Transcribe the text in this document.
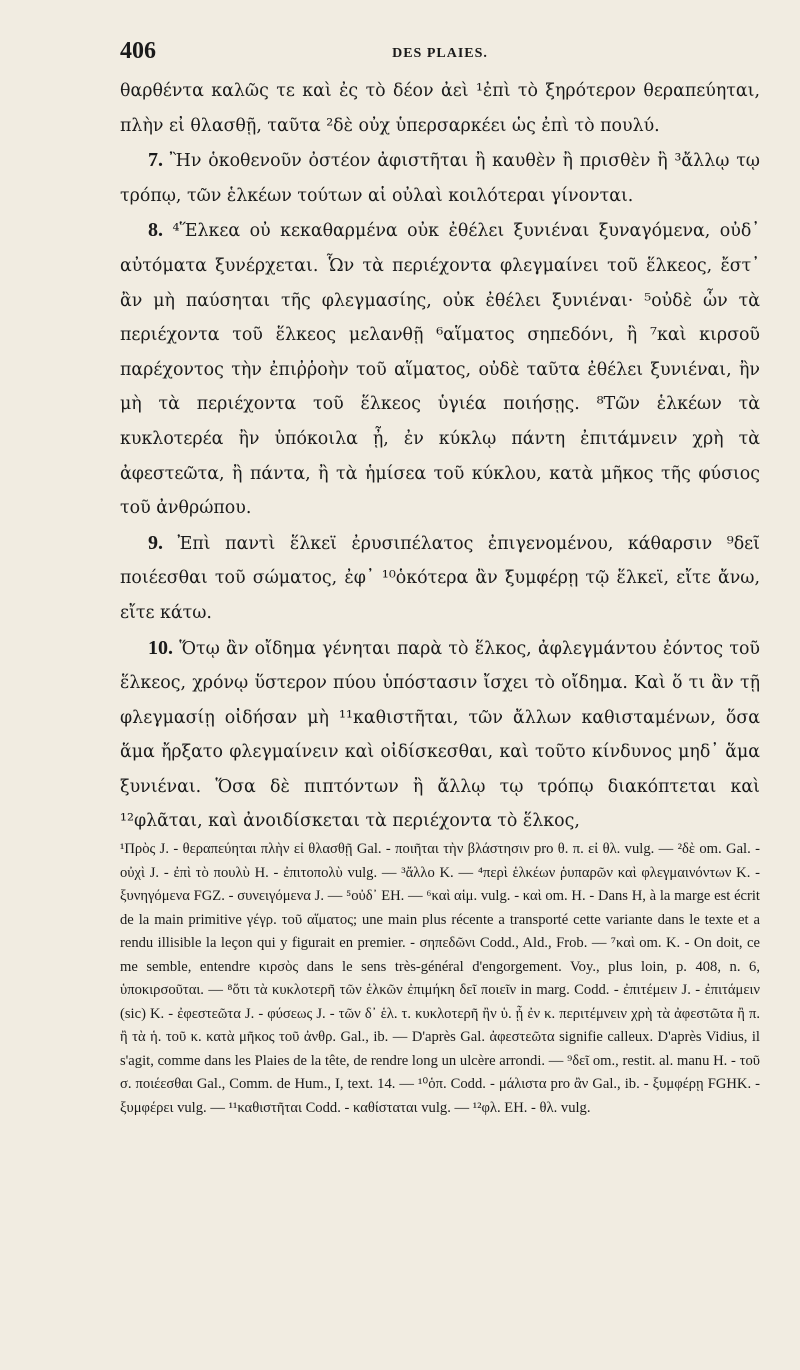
406	DES PLAIES.

θαρθέντα καλῶς τε καὶ ἐς τὸ δέον ἀεὶ ¹ἐπὶ τὸ ξηρότερον θεραπεύηται, πλὴν εἰ θλασθῇ, ταῦτα ²δὲ οὐχ ὑπερσαρκέει ὡς ἐπὶ τὸ πουλύ.

7. Ἢν ὁκοθενοῦν ὀστέον ἀφιστῆται ἢ καυθὲν ἢ πρισθὲν ἢ ³ἄλλῳ τῳ τρόπῳ, τῶν ἑλκέων τούτων αἱ οὐλαὶ κοιλότεραι γίνονται.

8. ⁴Ἕλκεα οὐ κεκαθαρμένα οὐκ ἐθέλει ξυνιέναι ξυναγόμενα, οὐδ᾽ αὐτόματα ξυνέρχεται. Ὧν τὰ περιέχοντα φλεγμαίνει τοῦ ἕλκεος, ἔστ᾽ ἂν μὴ παύσηται τῆς φλεγμασίης, οὐκ ἐθέλει ξυνιέναι· ⁵οὐδὲ ὧν τὰ περιέχοντα τοῦ ἕλκεος μελανθῇ ⁶αἵματος σηπεδόνι, ἢ ⁷καὶ κιρσοῦ παρέχοντος τὴν ἐπιῤῥοὴν τοῦ αἵματος, οὐδὲ ταῦτα ἐθέλει ξυνιέναι, ἢν μὴ τὰ περιέχοντα τοῦ ἕλκεος ὑγιέα ποιήσῃς. ⁸Τῶν ἑλκέων τὰ κυκλοτερέα ἢν ὑπόκοιλα ᾖ, ἐν κύκλῳ πάντη ἐπιτάμνειν χρὴ τὰ ἀφεστεῶτα, ἢ πάντα, ἢ τὰ ἡμίσεα τοῦ κύκλου, κατὰ μῆκος τῆς φύσιος τοῦ ἀνθρώπου.

9. Ἐπὶ παντὶ ἕλκεϊ ἐρυσιπέλατος ἐπιγενομένου, κάθαρσιν ⁹δεῖ ποιέεσθαι τοῦ σώματος, ἐφ᾽ ¹⁰ὁκότερα ἂν ξυμφέρῃ τῷ ἕλκεϊ, εἴτε ἄνω, εἴτε κάτω.

10. Ὅτῳ ἂν οἴδημα γένηται παρὰ τὸ ἕλκος, ἀφλεγμάντου ἐόντος τοῦ ἕλκεος, χρόνῳ ὕστερον πύου ὑπόστασιν ἴσχει τὸ οἴδημα. Καὶ ὅ τι ἂν τῇ φλεγμασίῃ οἰδήσαν μὴ ¹¹καθιστῆται, τῶν ἄλλων καθισταμένων, ὅσα ἅμα ἤρξατο φλεγμαίνειν καὶ οἰδίσκεσθαι, καὶ τοῦτο κίνδυνος μηδ᾽ ἅμα ξυνιέναι. Ὅσα δὲ πιπτόντων ἢ ἄλλῳ τῳ τρόπῳ διακόπτεται καὶ ¹²φλᾶται, καὶ ἀνοιδίσκεται τὰ περιέχοντα τὸ ἕλκος,

¹Πρὸς J. - θεραπεύηται πλὴν εἰ θλασθῇ Gal. - ποιῆται τὴν βλάστησιν pro θ. π. εἰ θλ. vulg. — ²δὲ om. Gal. - οὐχὶ J. - ἐπὶ τὸ πουλὺ H. - ἐπιτοπολὺ vulg. — ³ἄλλο K. — ⁴περὶ ἑλκέων ῥυπαρῶν καὶ φλεγμαινόντων K. - ξυνηγόμενα FGZ. - συνειγόμενα J. — ⁵οὐδ᾽ EH. — ⁶καὶ αἱμ. vulg. - καὶ om. H. - Dans H, à la marge est écrit de la main primitive γέγρ. τοῦ αἵματος; une main plus récente a transporté cette variante dans le texte et a rendu illisible la leçon qui y figurait en premier. - σηπεδῶνι Codd., Ald., Frob. — ⁷καὶ om. K. - On doit, ce me semble, entendre κιρσὸς dans le sens très-général d'engorgement. Voy., plus loin, p. 408, n. 6, ὑποκιρσοῦται. — ⁸ὅτι τὰ κυκλοτερῆ τῶν ἑλκῶν ἐπιμήκη δεῖ ποιεῖν in marg. Codd. - ἐπιτέμειν J. - ἐπιτάμειν (sic) K. - ἐφεστεῶτα J. - φύσεως J. - τῶν δ᾽ ἑλ. τ. κυκλοτερῆ ἢν ὑ. ᾖ ἐν κ. περιτέμνειν χρὴ τὰ ἀφεστῶτα ἢ π. ἢ τὰ ἡ. τοῦ κ. κατὰ μῆκος τοῦ ἀνθρ. Gal., ib. — D'après Gal. ἀφεστεῶτα signifie calleux. D'après Vidius, il s'agit, comme dans les Plaies de la tête, de rendre long un ulcère arrondi. — ⁹δεῖ om., restit. al. manu H. - τοῦ σ. ποιέεσθαι Gal., Comm. de Hum., I, text. 14. — ¹⁰ὁπ. Codd. - μάλιστα pro ἂν Gal., ib. - ξυμφέρῃ FGHK. - ξυμφέρει vulg. — ¹¹καθιστῆται Codd. - καθίσταται vulg. — ¹²φλ. EH. - θλ. vulg.
